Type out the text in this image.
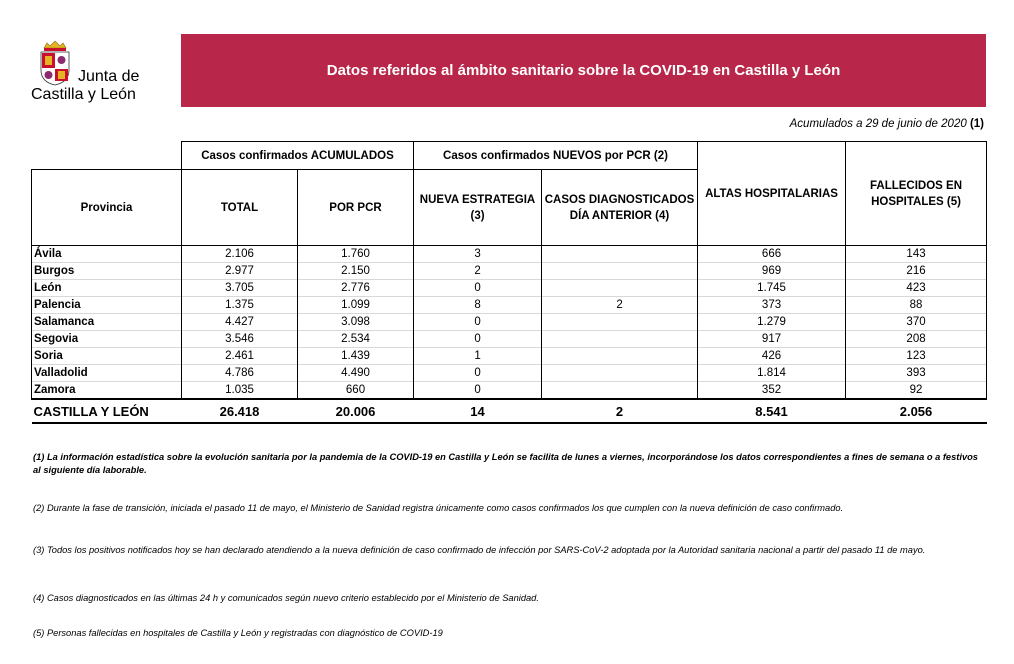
Junta de
Castilla y León
Datos referidos al ámbito sanitario sobre la COVID-19 en Castilla y León
Acumulados a 29 de junio de 2020 (1)
	Casos confirmados ACUMULADOS		Casos confirmados NUEVOS por PCR (2)		ALTAS HOSPITALARIAS	FALLECIDOS EN HOSPITALES (5)
Provincia	TOTAL	POR PCR	NUEVA ESTRATEGIA (3)	CASOS DIAGNOSTICADOS DÍA ANTERIOR (4)		
Ávila	2.106	1.760	3		666	143
Burgos	2.977	2.150	2		969	216
León	3.705	2.776	0		1.745	423
Palencia	1.375	1.099	8	2	373	88
Salamanca	4.427	3.098	0		1.279	370
Segovia	3.546	2.534	0		917	208
Soria	2.461	1.439	1		426	123
Valladolid	4.786	4.490	0		1.814	393
Zamora	1.035	660	0		352	92
CASTILLA Y LEÓN	26.418	20.006	14	2	8.541	2.056
(1) La información estadística sobre la evolución sanitaria por la pandemia de la COVID-19 en Castilla y León se facilita de lunes a viernes, incorporándose los datos correspondientes a fines de semana o a festivos al siguiente día laborable.
(2) Durante la fase de transición, iniciada el pasado 11 de mayo, el Ministerio de Sanidad registra únicamente como casos confirmados los que cumplen con la nueva definición de caso confirmado.
(3) Todos los positivos notificados hoy se han declarado atendiendo a la nueva definición de caso confirmado de infección por SARS-CoV-2 adoptada por la Autoridad sanitaria nacional a partir del pasado 11 de mayo.
(4) Casos diagnosticados en las últimas 24 h y comunicados según nuevo criterio establecido por el Ministerio de Sanidad.
(5) Personas fallecidas en hospitales de Castilla y León y registradas con diagnóstico de COVID-19
